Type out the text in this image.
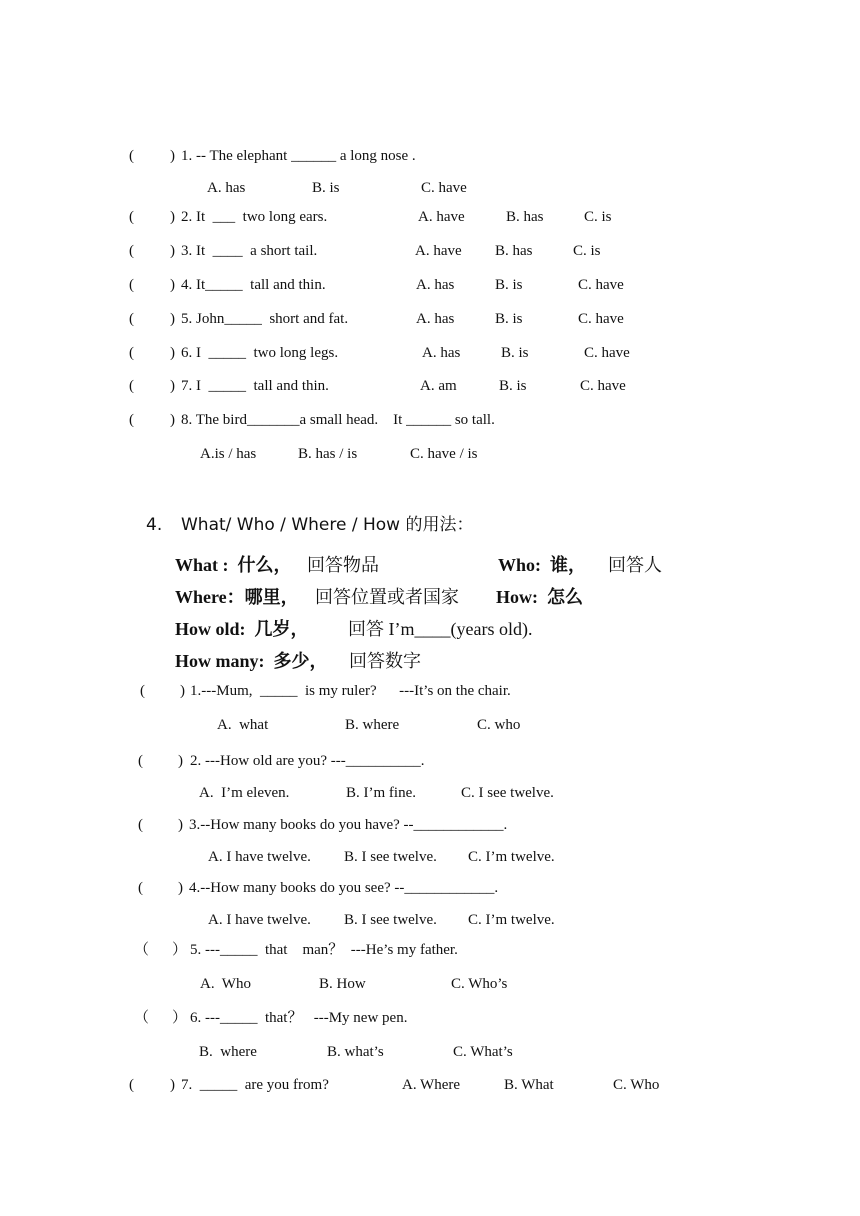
( ) 1. -- The elephant ______ a long nose .
A. has	B. is	C. have
( ) 2. It  ___  two long ears.	A. have	B. has	C. is
( ) 3. It  ____  a short tail.	A. have B. has	C. is
( ) 4. It_____  tall and thin.	A. has	B. is	C. have
( ) 5. John_____  short and fat.	A. has	B. is	C. have
( ) 6. I  _____  two long legs.	A. has	B. is	C. have
( ) 7. I  _____  tall and thin.	A. am	B. is	C. have
( ) 8. The bird_______a small head.    It ______ so tall.
A.is / has	B. has / is	C. have / is
4. What/ Who / Where / How 的用法：
What :  什么， 回答物品	Who:  谁， 回答人
Where：哪里， 回答位置或者国家 How:  怎么
How old:  几岁， 回答 I’m____(years old).
How many:  多少， 回答数字
( ) 1.---Mum,  _____  is my ruler?      ---It’s on the chair.
A.  what	B. where	C. who
( ) 2. ---How old are you? ---__________.
A.  I’m eleven.	B. I’m fine.	C. I see twelve.
( ) 3.--How many books do you have? --____________.
A. I have twelve. B. I see twelve. C. I’m twelve.
( ) 4.--How many books do you see? --____________.
A. I have twelve. B. I see twelve. C. I’m twelve.
（ ） 5. ---_____  that    man？  ---He’s my father.
A.  Who	B. How	C. Who’s
（ ） 6. ---_____  that？   ---My new pen.
B.  where	B. what’s	C. What’s
( ) 7.  _____  are you from?	A. Where	B. What	C. Who
